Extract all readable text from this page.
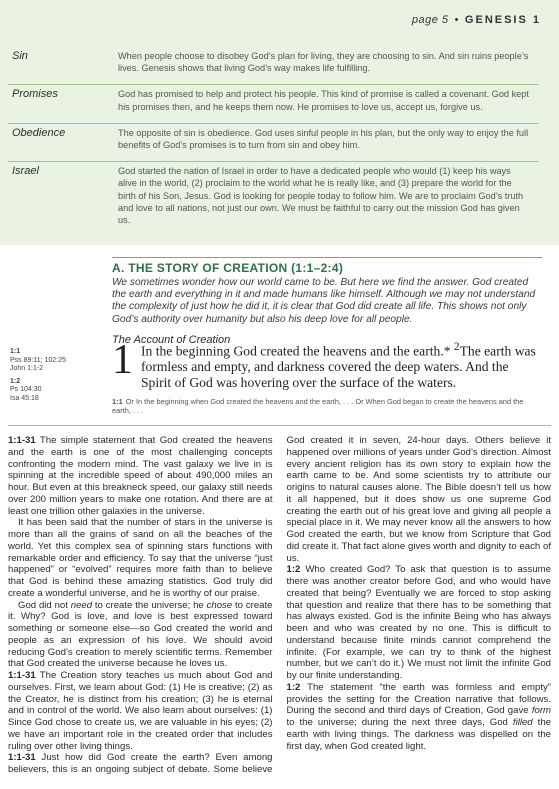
page 5 • GENESIS 1
Sin	When people choose to disobey God’s plan for living, they are choosing to sin. And sin ruins people’s lives. Genesis shows that living God’s way makes life fulfilling.
Promises	God has promised to help and protect his people. This kind of promise is called a covenant. God kept his promises then, and he keeps them now. He promises to love us, accept us, forgive us.
Obedience	The opposite of sin is obedience. God uses sinful people in his plan, but the only way to enjoy the full benefits of God’s promises is to turn from sin and obey him.
Israel	God started the nation of Israel in order to have a dedicated people who would (1) keep his ways alive in the world, (2) proclaim to the world what he is really like, and (3) prepare the world for the birth of his Son, Jesus. God is looking for people today to follow him. We are to proclaim God’s truth and love to all nations, not just our own. We must be faithful to carry out the mission God has given us.
A. THE STORY OF CREATION (1:1–2:4)

We sometimes wonder how our world came to be. But here we find the answer. God created the earth and everything in it and made humans like himself. Although we may not understand the complexity of just how he did it, it is clear that God did create all life. This shows not only God’s authority over humanity but also his deep love for all people.

The Account of Creation
1:1
Pss 89:11; 102:25
John 1:1-2
1:2
Ps 104:30
Isa 45:18
1 In the beginning God created the heavens and the earth.* $^2$The earth was formless and empty, and darkness covered the deep waters. And the Spirit of God was hovering over the surface of the waters.
1:1 Or In the beginning when God created the heavens and the earth, . . . Or When God began to create the heavens and the earth, . . .

1:1-31 The simple statement that God created the heavens and the earth is one of the most challenging concepts confronting the modern mind. The vast galaxy we live in is spinning at the incredible speed of about 490,000 miles an hour. But even at this breakneck speed, our galaxy still needs over 200 million years to make one rotation. And there are at least one trillion other galaxies in the universe.

It has been said that the number of stars in the universe is more than all the grains of sand on all the beaches of the world. Yet this complex sea of spinning stars functions with remarkable order and efficiency. To say that the universe “just happened” or “evolved” requires more faith than to believe that God is behind these amazing statistics. God truly did create a wonderful universe, and he is worthy of our praise.

God did not need to create the universe; he chose to create it. Why? God is love, and love is best expressed toward something or someone else—so God created the world and people as an expression of his love. We should avoid reducing God’s creation to merely scientific terms. Remember that God created the universe because he loves us.

1:1-31 The Creation story teaches us much about God and ourselves. First, we learn about God: (1) He is creative; (2) as the Creator, he is distinct from his creation; (3) he is eternal and in control of the world. We also learn about ourselves: (1) Since God chose to create us, we are valuable in his eyes; (2) we have an important role in the created order that includes ruling over other living things.

1:1-31 Just how did God create the earth? Even among believers, this is an ongoing subject of debate. Some believe God created it in seven, 24-hour days. Others believe it happened over millions of years under God’s direction. Almost every ancient religion has its own story to explain how the earth came to be. And some scientists try to attribute our origins to natural causes alone. The Bible doesn’t tell us how it all happened, but it does show us one supreme God creating the earth out of his great love and giving all people a special place in it. We may never know all the answers to how God created the earth, but we know from Scripture that God did create it. That fact alone gives worth and dignity to each of us.

1:2 Who created God? To ask that question is to assume there was another creator before God, and who would have created that being? Eventually we are forced to stop asking that question and realize that there has to be something that has always existed. God is the infinite Being who has always been and who was created by no one. This is difficult to understand because finite minds cannot comprehend the infinite. (For example, we can try to think of the highest number, but we can’t do it.) We must not limit the infinite God by our finite understanding.

1:2 The statement “the earth was formless and empty” provides the setting for the Creation narrative that follows. During the second and third days of Creation, God gave form to the universe; during the next three days, God filled the earth with living things. The darkness was dispelled on the first day, when God created light.
